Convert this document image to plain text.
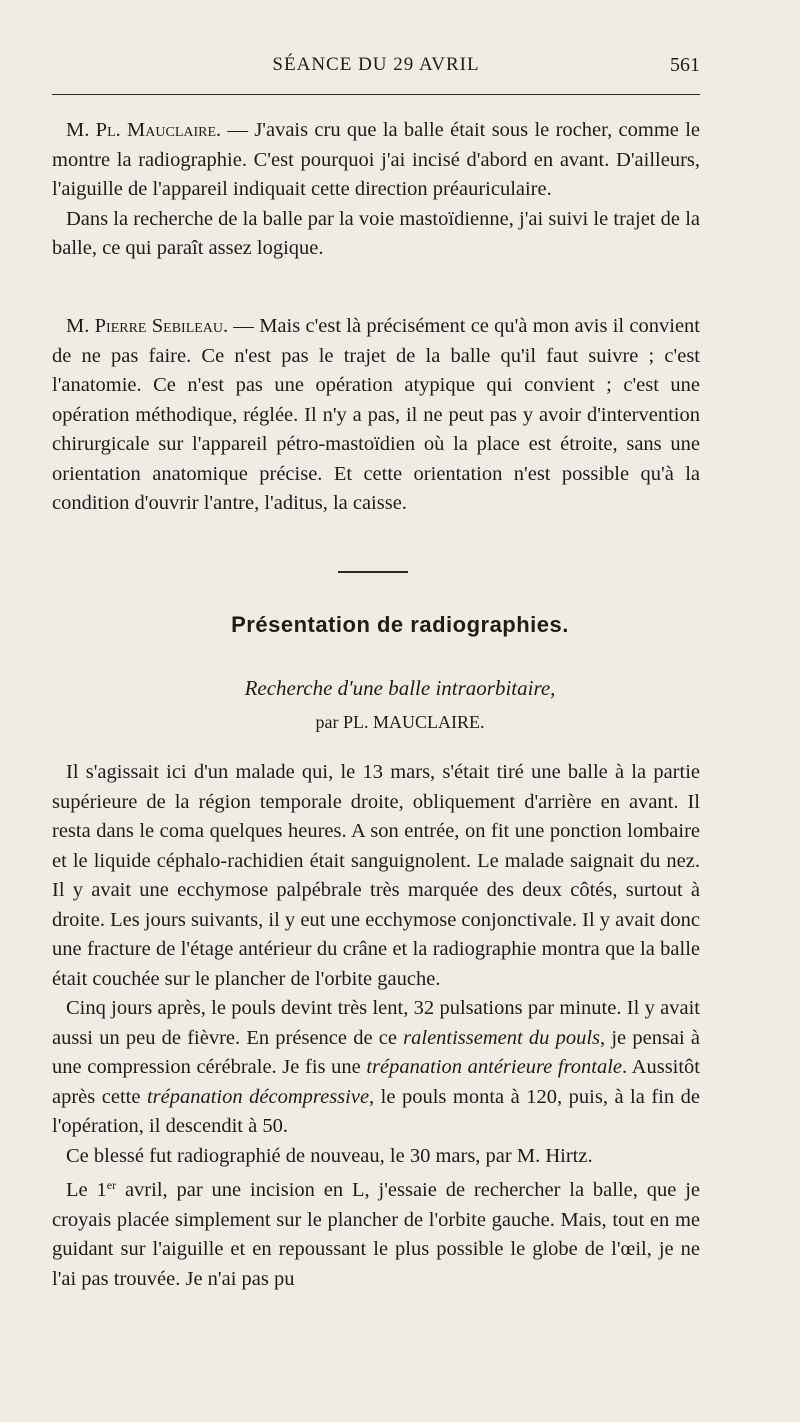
SÉANCE DU 29 AVRIL	561

M. Pl. Mauclaire. — J'avais cru que la balle était sous le rocher, comme le montre la radiographie. C'est pourquoi j'ai incisé d'abord en avant. D'ailleurs, l'aiguille de l'appareil indiquait cette direction préauriculaire.

Dans la recherche de la balle par la voie mastoïdienne, j'ai suivi le trajet de la balle, ce qui paraît assez logique.

M. Pierre Sebileau. — Mais c'est là précisément ce qu'à mon avis il convient de ne pas faire. Ce n'est pas le trajet de la balle qu'il faut suivre ; c'est l'anatomie. Ce n'est pas une opération atypique qui convient ; c'est une opération méthodique, réglée. Il n'y a pas, il ne peut pas y avoir d'intervention chirurgicale sur l'appareil pétro-mastoïdien où la place est étroite, sans une orientation anatomique précise. Et cette orientation n'est possible qu'à la condition d'ouvrir l'antre, l'aditus, la caisse.

Présentation de radiographies.
Recherche d'une balle intraorbitaire,
par PL. MAUCLAIRE.

Il s'agissait ici d'un malade qui, le 13 mars, s'était tiré une balle à la partie supérieure de la région temporale droite, obliquement d'arrière en avant. Il resta dans le coma quelques heures. A son entrée, on fit une ponction lombaire et le liquide céphalo-rachidien était sanguignolent. Le malade saignait du nez. Il y avait une ecchymose palpébrale très marquée des deux côtés, surtout à droite. Les jours suivants, il y eut une ecchymose conjonctivale. Il y avait donc une fracture de l'étage antérieur du crâne et la radiographie montra que la balle était couchée sur le plancher de l'orbite gauche.

Cinq jours après, le pouls devint très lent, 32 pulsations par minute. Il y avait aussi un peu de fièvre. En présence de ce ralentissement du pouls, je pensai à une compression cérébrale. Je fis une trépanation antérieure frontale. Aussitôt après cette trépanation décompressive, le pouls monta à 120, puis, à la fin de l'opération, il descendit à 50.

Ce blessé fut radiographié de nouveau, le 30 mars, par M. Hirtz.

Le 1er avril, par une incision en L, j'essaie de rechercher la balle, que je croyais placée simplement sur le plancher de l'orbite gauche. Mais, tout en me guidant sur l'aiguille et en repoussant le plus possible le globe de l'œil, je ne l'ai pas trouvée. Je n'ai pas pu
